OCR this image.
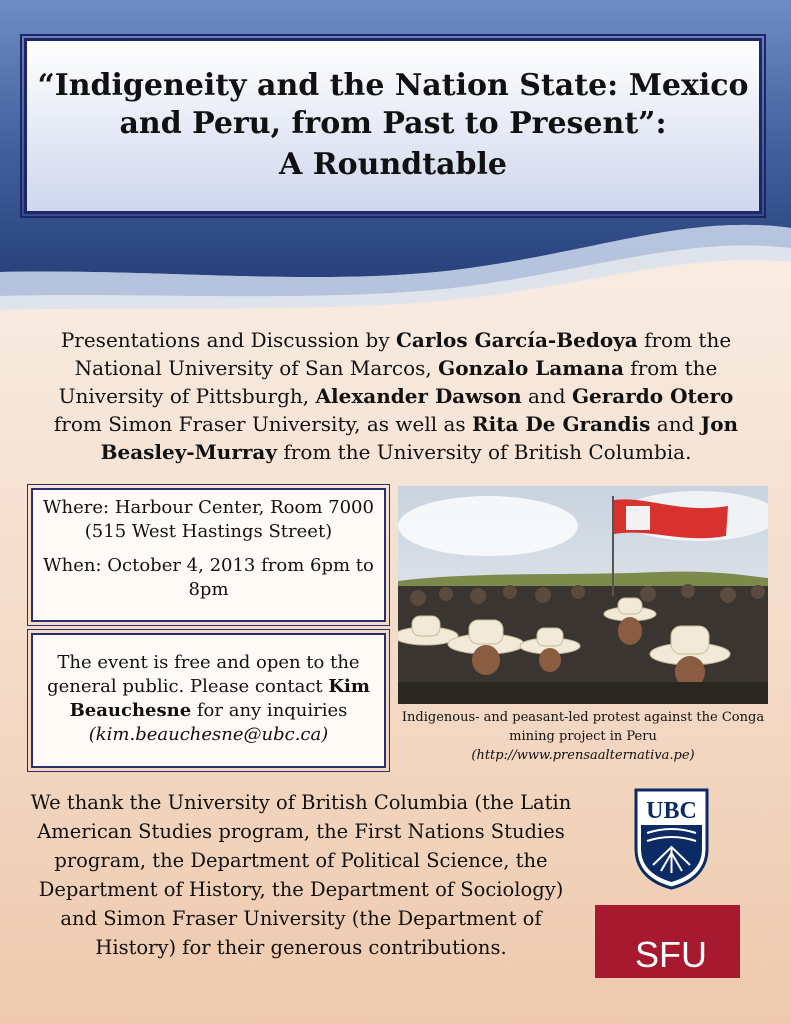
“Indigeneity and the Nation State: Mexico
and Peru, from Past to Present”:
A Roundtable
Presentations and Discussion by Carlos García-Bedoya from the National University of San Marcos, Gonzalo Lamana from the University of Pittsburgh, Alexander Dawson and Gerardo Otero from Simon Fraser University, as well as Rita De Grandis and Jon Beasley-Murray from the University of British Columbia.

Where: Harbour Center, Room 7000 (515 West Hastings Street)

When: October 4, 2013 from 6pm to 8pm

The event is free and open to the general public. Please contact Kim Beauchesne for any inquiries
(kim.beauchesne@ubc.ca)
Indigenous- and peasant-led protest against the Conga mining project in Peru
(http://www.prensaalternativa.pe)
We thank the University of British Columbia (the Latin American Studies program, the First Nations Studies program, the Department of Political Science, the Department of History, the Department of Sociology) and Simon Fraser University (the Department of History) for their generous contributions.
UBC
SFU
